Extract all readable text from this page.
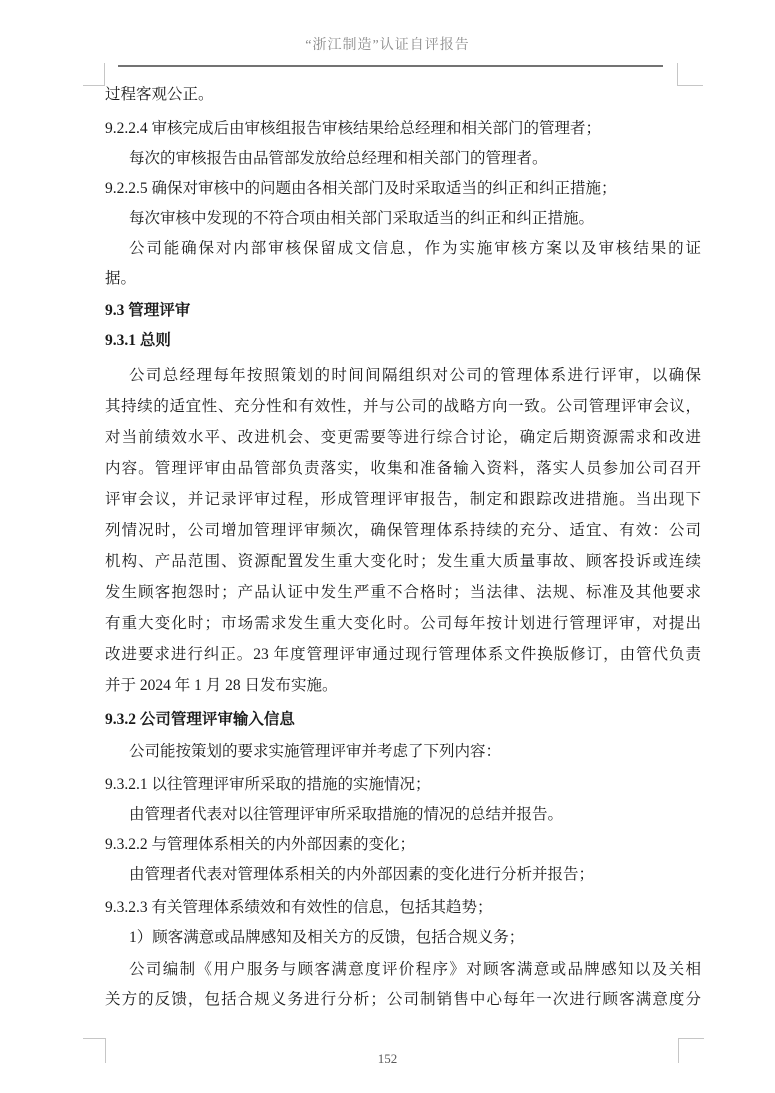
“浙江制造”认证自评报告

过程客观公正。

9.2.2.4 审核完成后由审核组报告审核结果给总经理和相关部门的管理者；

每次的审核报告由品管部发放给总经理和相关部门的管理者。

9.2.2.5 确保对审核中的问题由各相关部门及时采取适当的纠正和纠正措施；

每次审核中发现的不符合项由相关部门采取适当的纠正和纠正措施。

公司能确保对内部审核保留成文信息，作为实施审核方案以及审核结果的证
据。

9.3 管理评审

9.3.1 总则

公司总经理每年按照策划的时间间隔组织对公司的管理体系进行评审，以确保
其持续的适宜性、充分性和有效性，并与公司的战略方向一致。公司管理评审会议，
对当前绩效水平、改进机会、变更需要等进行综合讨论，确定后期资源需求和改进
内容。管理评审由品管部负责落实，收集和准备输入资料，落实人员参加公司召开
评审会议，并记录评审过程，形成管理评审报告，制定和跟踪改进措施。当出现下
列情况时，公司增加管理评审频次，确保管理体系持续的充分、适宜、有效：公司
机构、产品范围、资源配置发生重大变化时；发生重大质量事故、顾客投诉或连续
发生顾客抱怨时；产品认证中发生严重不合格时；当法律、法规、标准及其他要求
有重大变化时；市场需求发生重大变化时。公司每年按计划进行管理评审，对提出
改进要求进行纠正。23 年度管理评审通过现行管理体系文件换版修订，由管代负责
并于 2024 年 1 月 28 日发布实施。

9.3.2 公司管理评审输入信息

公司能按策划的要求实施管理评审并考虑了下列内容：

9.3.2.1 以往管理评审所采取的措施的实施情况；

由管理者代表对以往管理评审所采取措施的情况的总结并报告。

9.3.2.2 与管理体系相关的内外部因素的变化；

由管理者代表对管理体系相关的内外部因素的变化进行分析并报告；

9.3.2.3 有关管理体系绩效和有效性的信息，包括其趋势；

1）顾客满意或品牌感知及相关方的反馈，包括合规义务；

公司编制《用户服务与顾客满意度评价程序》对顾客满意或品牌感知以及关相
关方的反馈，包括合规义务进行分析；公司制销售中心每年一次进行顾客满意度分

152
